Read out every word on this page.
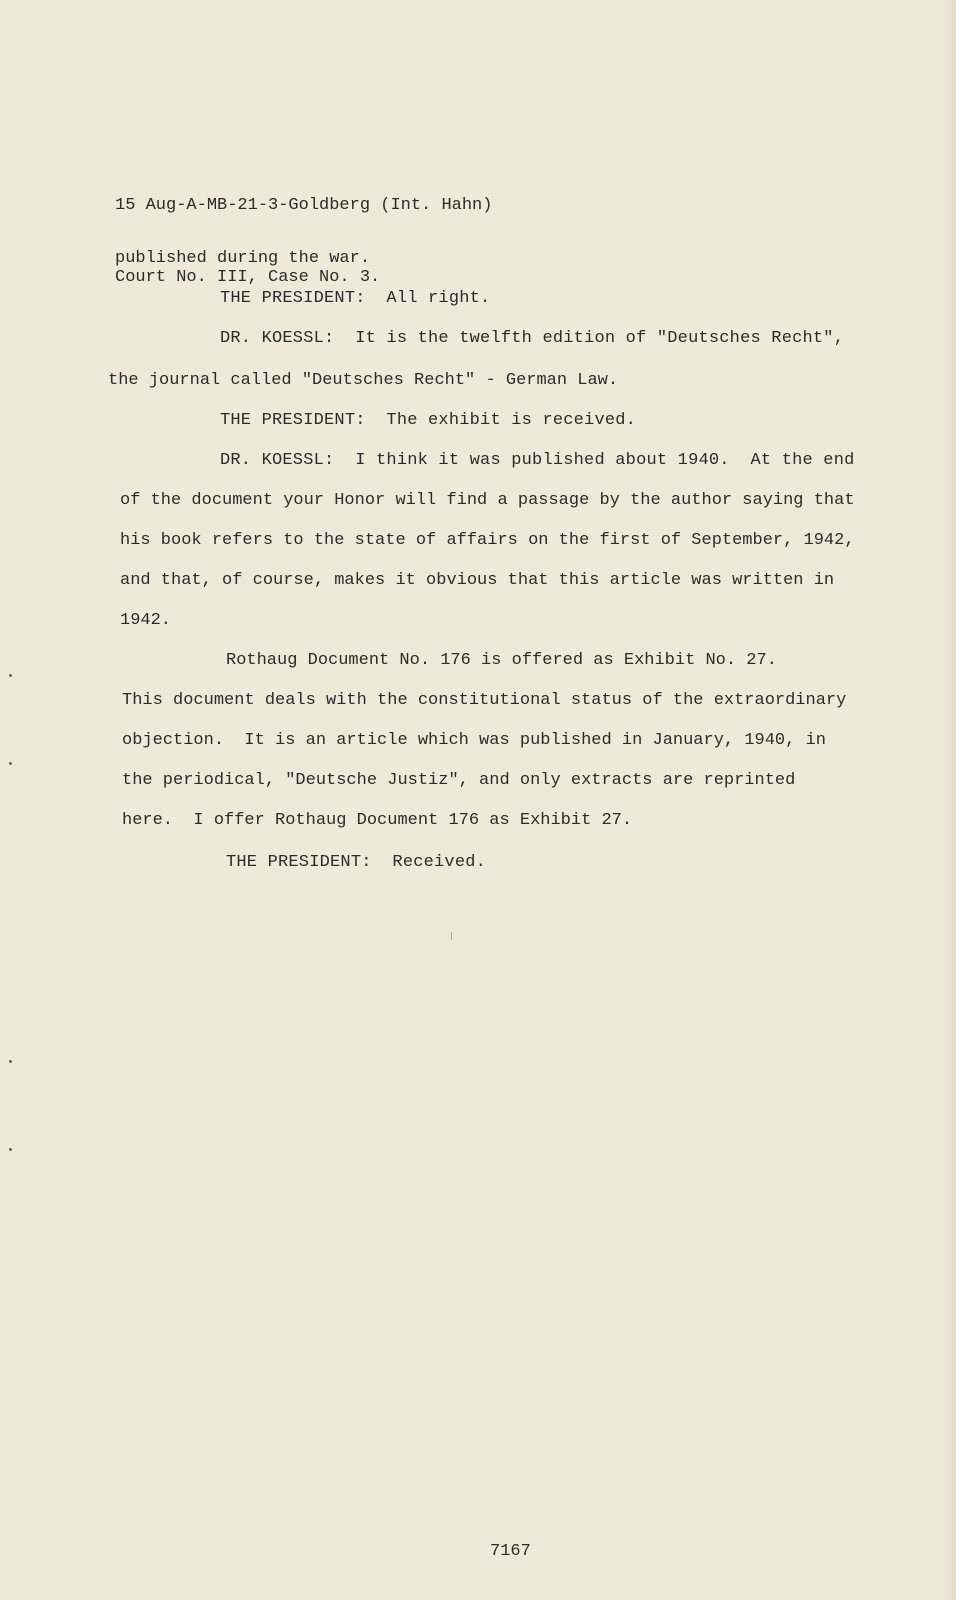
15 Aug-A-MB-21-3-Goldberg (Int. Hahn)

Court No. III, Case No. 3.

published during the war.
THE PRESIDENT:  All right.
DR. KOESSL:  It is the twelfth edition of "Deutsches Recht",
the journal called "Deutsches Recht" - German Law.
THE PRESIDENT:  The exhibit is received.
DR. KOESSL:  I think it was published about 1940.  At the end
of the document your Honor will find a passage by the author saying that
his book refers to the state of affairs on the first of September, 1942,
and that, of course, makes it obvious that this article was written in
1942.
Rothaug Document No. 176 is offered as Exhibit No. 27.
This document deals with the constitutional status of the extraordinary
objection.  It is an article which was published in January, 1940, in
the periodical, "Deutsche Justiz", and only extracts are reprinted
here.  I offer Rothaug Document 176 as Exhibit 27.
THE PRESIDENT:  Received.
7167
